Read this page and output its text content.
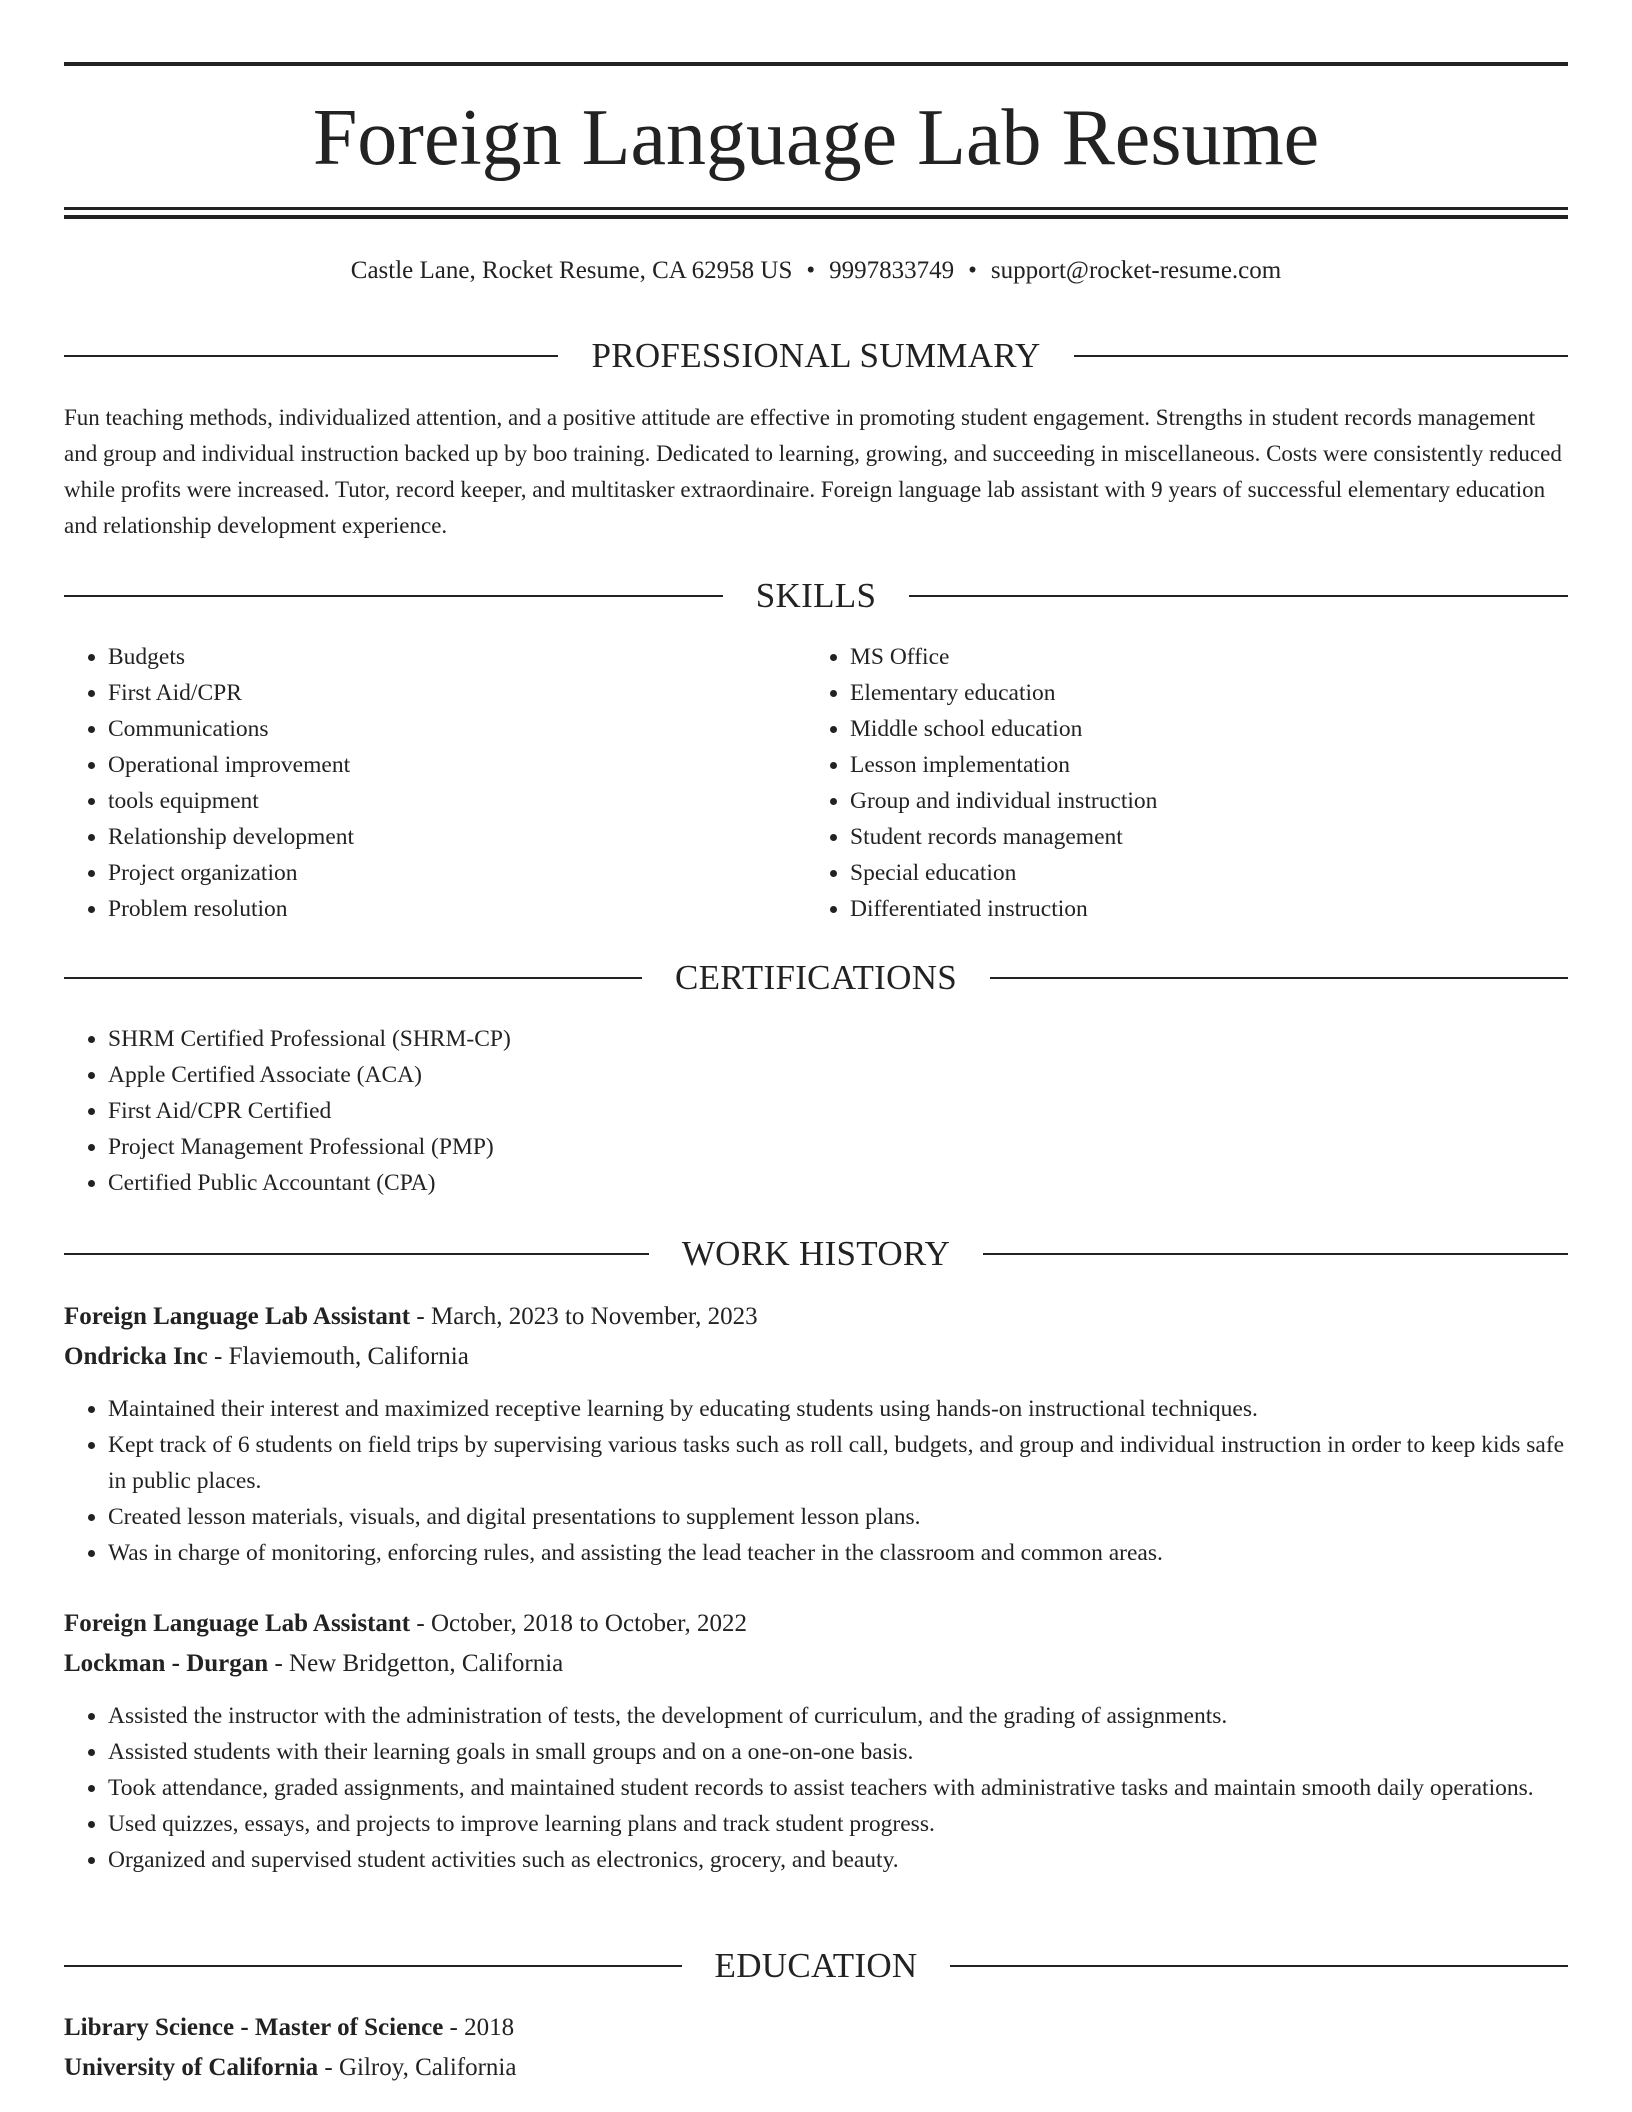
Foreign Language Lab Resume
Castle Lane, Rocket Resume, CA 62958 US • 9997833749 • support@rocket-resume.com
PROFESSIONAL SUMMARY

Fun teaching methods, individualized attention, and a positive attitude are effective in promoting student engagement. Strengths in student records management and group and individual instruction backed up by boo training. Dedicated to learning, growing, and succeeding in miscellaneous. Costs were consistently reduced while profits were increased. Tutor, record keeper, and multitasker extraordinaire. Foreign language lab assistant with 9 years of successful elementary education and relationship development experience.

SKILLS
• Budgets
• First Aid/CPR
• Communications
• Operational improvement
• tools equipment
• Relationship development
• Project organization
• Problem resolution
• MS Office
• Elementary education
• Middle school education
• Lesson implementation
• Group and individual instruction
• Student records management
• Special education
• Differentiated instruction
CERTIFICATIONS
• SHRM Certified Professional (SHRM-CP)
• Apple Certified Associate (ACA)
• First Aid/CPR Certified
• Project Management Professional (PMP)
• Certified Public Accountant (CPA)
WORK HISTORY
Foreign Language Lab Assistant - March, 2023 to November, 2023
Ondricka Inc - Flaviemouth, California
• Maintained their interest and maximized receptive learning by educating students using hands-on instructional techniques.
• Kept track of 6 students on field trips by supervising various tasks such as roll call, budgets, and group and individual instruction in order to keep kids safe in public places.
• Created lesson materials, visuals, and digital presentations to supplement lesson plans.
• Was in charge of monitoring, enforcing rules, and assisting the lead teacher in the classroom and common areas.
Foreign Language Lab Assistant - October, 2018 to October, 2022
Lockman - Durgan - New Bridgetton, California
• Assisted the instructor with the administration of tests, the development of curriculum, and the grading of assignments.
• Assisted students with their learning goals in small groups and on a one-on-one basis.
• Took attendance, graded assignments, and maintained student records to assist teachers with administrative tasks and maintain smooth daily operations.
• Used quizzes, essays, and projects to improve learning plans and track student progress.
• Organized and supervised student activities such as electronics, grocery, and beauty.
EDUCATION
Library Science - Master of Science - 2018
University of California - Gilroy, California
